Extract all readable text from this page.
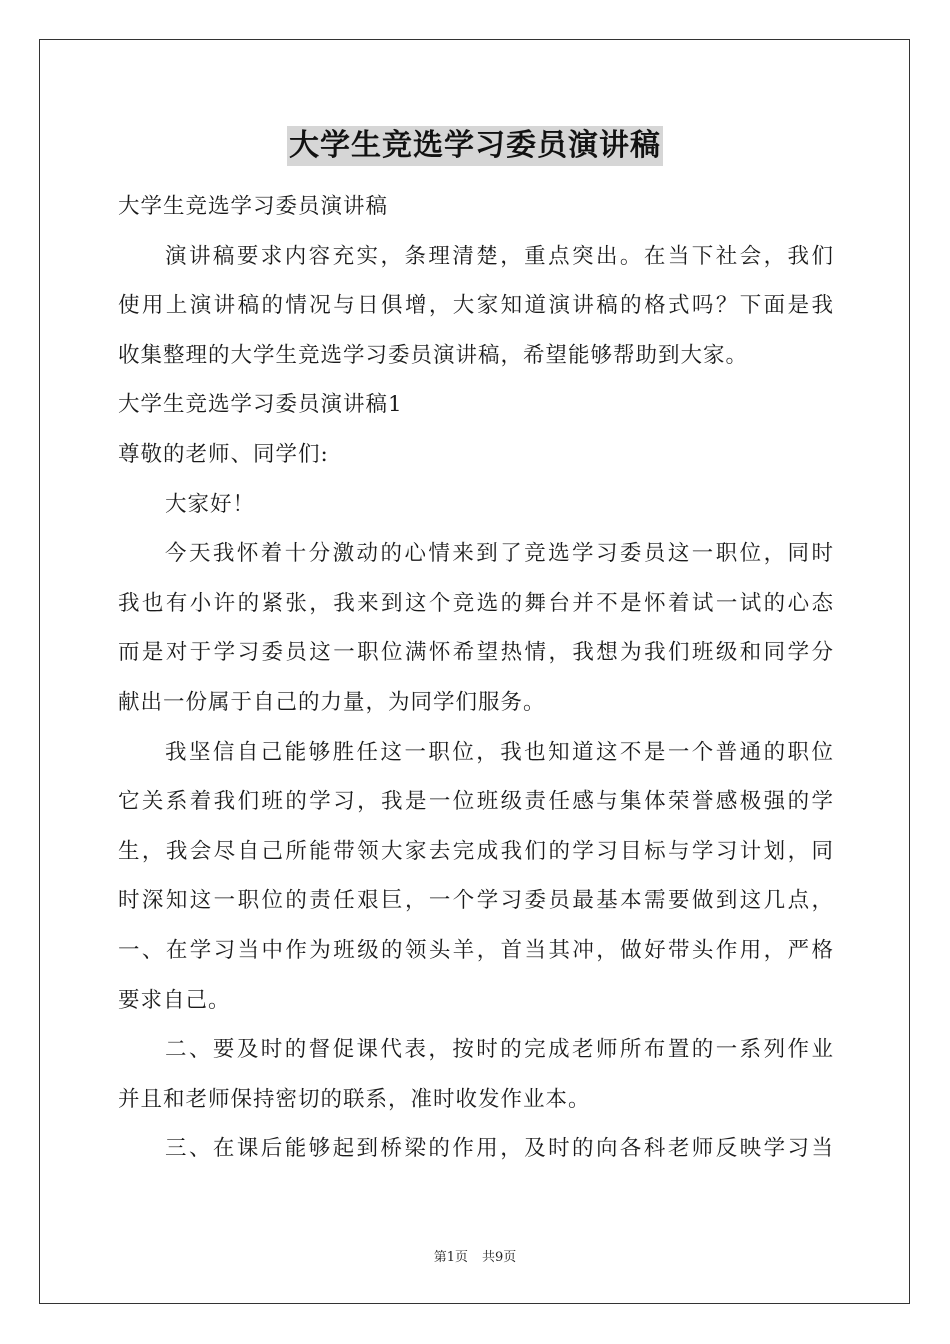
大学生竞选学习委员演讲稿
大学生竞选学习委员演讲稿
演讲稿要求内容充实，条理清楚，重点突出。在当下社会，我们
使用上演讲稿的情况与日俱增，大家知道演讲稿的格式吗？下面是我
收集整理的大学生竞选学习委员演讲稿，希望能够帮助到大家。
大学生竞选学习委员演讲稿1
尊敬的老师、同学们:
大家好！
今天我怀着十分激动的心情来到了竞选学习委员这一职位，同时
我也有小许的紧张，我来到这个竞选的舞台并不是怀着试一试的心态
而是对于学习委员这一职位满怀希望热情，我想为我们班级和同学分
献出一份属于自己的力量，为同学们服务。
我坚信自己能够胜任这一职位，我也知道这不是一个普通的职位
它关系着我们班的学习，我是一位班级责任感与集体荣誉感极强的学
生，我会尽自己所能带领大家去完成我们的学习目标与学习计划，同
时深知这一职位的责任艰巨，一个学习委员最基本需要做到这几点，
一、在学习当中作为班级的领头羊，首当其冲，做好带头作用，严格
要求自己。
二、要及时的督促课代表，按时的完成老师所布置的一系列作业
并且和老师保持密切的联系，准时收发作业本。
三、在课后能够起到桥梁的作用，及时的向各科老师反映学习当
第1页 共9页
